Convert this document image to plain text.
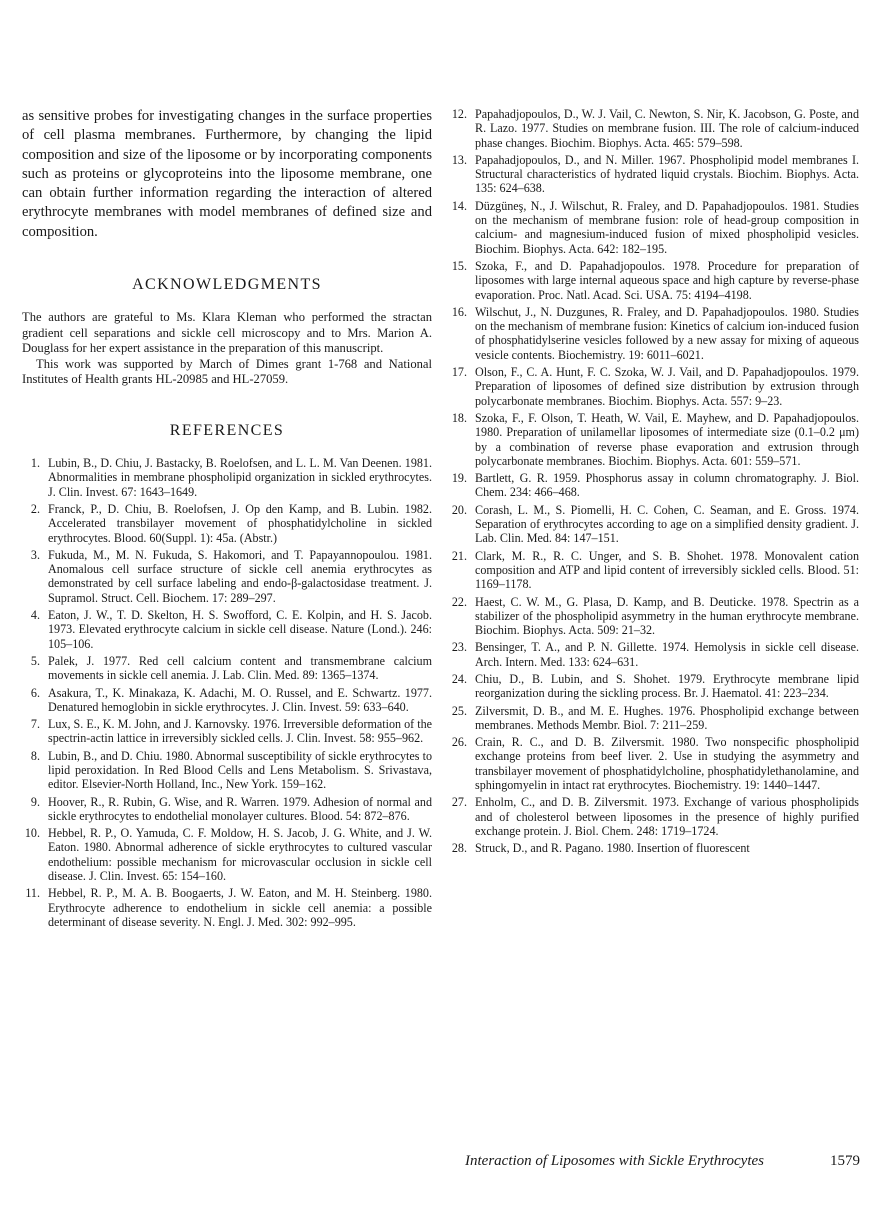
as sensitive probes for investigating changes in the surface properties of cell plasma membranes. Furthermore, by changing the lipid composition and size of the liposome or by incorporating components such as proteins or glycoproteins into the liposome membrane, one can obtain further information regarding the interaction of altered erythrocyte membranes with model membranes of defined size and composition.

ACKNOWLEDGMENTS

The authors are grateful to Ms. Klara Kleman who performed the stractan gradient cell separations and sickle cell microscopy and to Mrs. Marion A. Douglass for her expert assistance in the preparation of this manuscript.

This work was supported by March of Dimes grant 1-768 and National Institutes of Health grants HL-20985 and HL-27059.

REFERENCES
1. Lubin, B., D. Chiu, J. Bastacky, B. Roelofsen, and L. L. M. Van Deenen. 1981. Abnormalities in membrane phospholipid organization in sickled erythrocytes. J. Clin. Invest. 67: 1643–1649.
2. Franck, P., D. Chiu, B. Roelofsen, J. Op den Kamp, and B. Lubin. 1982. Accelerated transbilayer movement of phosphatidylcholine in sickled erythrocytes. Blood. 60(Suppl. 1): 45a. (Abstr.)
3. Fukuda, M., M. N. Fukuda, S. Hakomori, and T. Papayannopoulou. 1981. Anomalous cell surface structure of sickle cell anemia erythrocytes as demonstrated by cell surface labeling and endo-β-galactosidase treatment. J. Supramol. Struct. Cell. Biochem. 17: 289–297.
4. Eaton, J. W., T. D. Skelton, H. S. Swofford, C. E. Kolpin, and H. S. Jacob. 1973. Elevated erythrocyte calcium in sickle cell disease. Nature (Lond.). 246: 105–106.
5. Palek, J. 1977. Red cell calcium content and transmembrane calcium movements in sickle cell anemia. J. Lab. Clin. Med. 89: 1365–1374.
6. Asakura, T., K. Minakaza, K. Adachi, M. O. Russel, and E. Schwartz. 1977. Denatured hemoglobin in sickle erythrocytes. J. Clin. Invest. 59: 633–640.
7. Lux, S. E., K. M. John, and J. Karnovsky. 1976. Irreversible deformation of the spectrin-actin lattice in irreversibly sickled cells. J. Clin. Invest. 58: 955–962.
8. Lubin, B., and D. Chiu. 1980. Abnormal susceptibility of sickle erythrocytes to lipid peroxidation. In Red Blood Cells and Lens Metabolism. S. Srivastava, editor. Elsevier-North Holland, Inc., New York. 159–162.
9. Hoover, R., R. Rubin, G. Wise, and R. Warren. 1979. Adhesion of normal and sickle erythrocytes to endothelial monolayer cultures. Blood. 54: 872–876.
10. Hebbel, R. P., O. Yamuda, C. F. Moldow, H. S. Jacob, J. G. White, and J. W. Eaton. 1980. Abnormal adherence of sickle erythrocytes to cultured vascular endothelium: possible mechanism for microvascular occlusion in sickle cell disease. J. Clin. Invest. 65: 154–160.
11. Hebbel, R. P., M. A. B. Boogaerts, J. W. Eaton, and M. H. Steinberg. 1980. Erythrocyte adherence to endothelium in sickle cell anemia: a possible determinant of disease severity. N. Engl. J. Med. 302: 992–995.
12. Papahadjopoulos, D., W. J. Vail, C. Newton, S. Nir, K. Jacobson, G. Poste, and R. Lazo. 1977. Studies on membrane fusion. III. The role of calcium-induced phase changes. Biochim. Biophys. Acta. 465: 579–598.
13. Papahadjopoulos, D., and N. Miller. 1967. Phospholipid model membranes I. Structural characteristics of hydrated liquid crystals. Biochim. Biophys. Acta. 135: 624–638.
14. Düzgüneş, N., J. Wilschut, R. Fraley, and D. Papahadjopoulos. 1981. Studies on the mechanism of membrane fusion: role of head-group composition in calcium- and magnesium-induced fusion of mixed phospholipid vesicles. Biochim. Biophys. Acta. 642: 182–195.
15. Szoka, F., and D. Papahadjopoulos. 1978. Procedure for preparation of liposomes with large internal aqueous space and high capture by reverse-phase evaporation. Proc. Natl. Acad. Sci. USA. 75: 4194–4198.
16. Wilschut, J., N. Duzgunes, R. Fraley, and D. Papahadjopoulos. 1980. Studies on the mechanism of membrane fusion: Kinetics of calcium ion-induced fusion of phosphatidylserine vesicles followed by a new assay for mixing of aqueous vesicle contents. Biochemistry. 19: 6011–6021.
17. Olson, F., C. A. Hunt, F. C. Szoka, W. J. Vail, and D. Papahadjopoulos. 1979. Preparation of liposomes of defined size distribution by extrusion through polycarbonate membranes. Biochim. Biophys. Acta. 557: 9–23.
18. Szoka, F., F. Olson, T. Heath, W. Vail, E. Mayhew, and D. Papahadjopoulos. 1980. Preparation of unilamellar liposomes of intermediate size (0.1–0.2 μm) by a combination of reverse phase evaporation and extrusion through polycarbonate membranes. Biochim. Biophys. Acta. 601: 559–571.
19. Bartlett, G. R. 1959. Phosphorus assay in column chromatography. J. Biol. Chem. 234: 466–468.
20. Corash, L. M., S. Piomelli, H. C. Cohen, C. Seaman, and E. Gross. 1974. Separation of erythrocytes according to age on a simplified density gradient. J. Lab. Clin. Med. 84: 147–151.
21. Clark, M. R., R. C. Unger, and S. B. Shohet. 1978. Monovalent cation composition and ATP and lipid content of irreversibly sickled cells. Blood. 51: 1169–1178.
22. Haest, C. W. M., G. Plasa, D. Kamp, and B. Deuticke. 1978. Spectrin as a stabilizer of the phospholipid asymmetry in the human erythrocyte membrane. Biochim. Biophys. Acta. 509: 21–32.
23. Bensinger, T. A., and P. N. Gillette. 1974. Hemolysis in sickle cell disease. Arch. Intern. Med. 133: 624–631.
24. Chiu, D., B. Lubin, and S. Shohet. 1979. Erythrocyte membrane lipid reorganization during the sickling process. Br. J. Haematol. 41: 223–234.
25. Zilversmit, D. B., and M. E. Hughes. 1976. Phospholipid exchange between membranes. Methods Membr. Biol. 7: 211–259.
26. Crain, R. C., and D. B. Zilversmit. 1980. Two nonspecific phospholipid exchange proteins from beef liver. 2. Use in studying the asymmetry and transbilayer movement of phosphatidylcholine, phosphatidylethanolamine, and sphingomyelin in intact rat erythrocytes. Biochemistry. 19: 1440–1447.
27. Enholm, C., and D. B. Zilversmit. 1973. Exchange of various phospholipids and of cholesterol between liposomes in the presence of highly purified exchange protein. J. Biol. Chem. 248: 1719–1724.
28. Struck, D., and R. Pagano. 1980. Insertion of fluorescent
Interaction of Liposomes with Sickle Erythrocytes	1579
